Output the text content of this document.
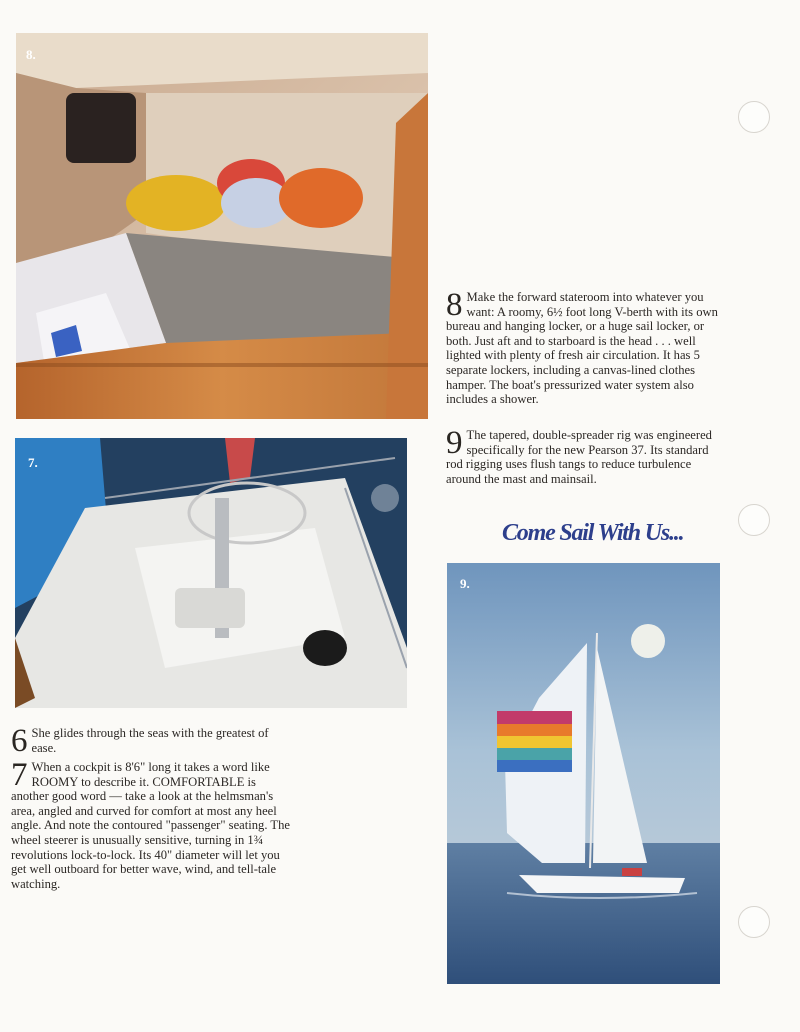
8.
7.
9.

8 Make the forward stateroom into whatever you want: A roomy, 6½ foot long V-berth with its own bureau and hanging locker, or a huge sail locker, or both. Just aft and to starboard is the head . . . well lighted with plenty of fresh air circulation. It has 5 separate lockers, including a canvas-lined clothes hamper. The boat's pressurized water system also includes a shower.

9 The tapered, double-spreader rig was engineered specifically for the new Pearson 37. Its standard rod rigging uses flush tangs to reduce turbulence around the mast and mainsail.

Come Sail With Us...

6 She glides through the seas with the greatest of ease.

7 When a cockpit is 8'6" long it takes a word like ROOMY to describe it. COMFORTABLE is another good word — take a look at the helmsman's area, angled and curved for comfort at most any heel angle. And note the contoured "passenger" seating. The wheel steerer is unusually sensitive, turning in 1¾ revolutions lock-to-lock. Its 40" diameter will let you get well outboard for better wave, wind, and tell-tale watching.
